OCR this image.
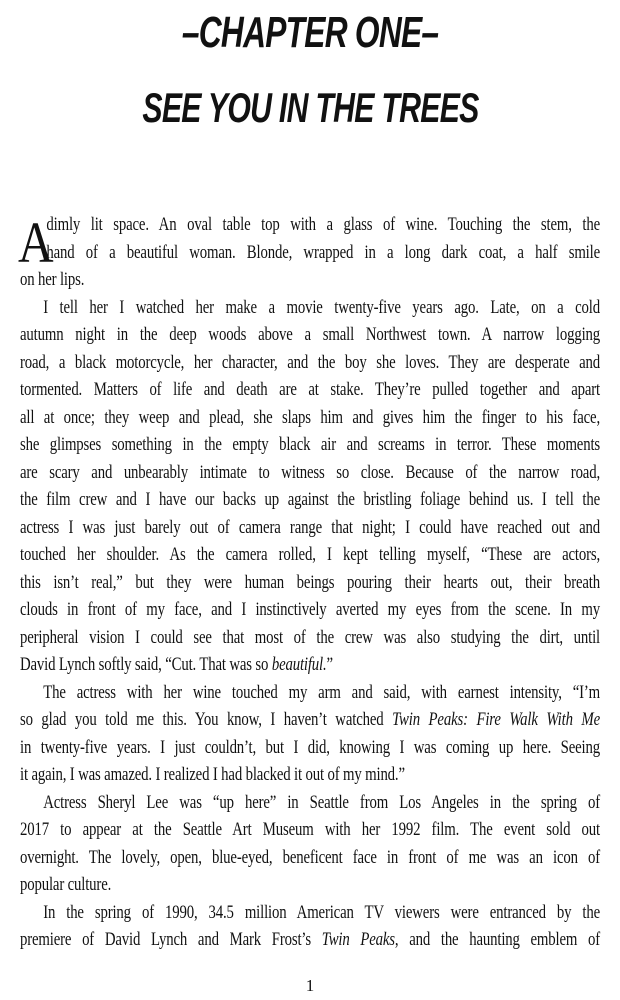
–CHAPTER ONE–
SEE YOU IN THE TREES
A
dimly lit space. An oval table top with a glass of wine. Touching the stem, the
hand of a beautiful woman. Blonde, wrapped in a long dark coat, a half smile
on her lips.
I tell her I watched her make a movie twenty-five years ago. Late, on a cold
autumn night in the deep woods above a small Northwest town. A narrow logging
road, a black motorcycle, her character, and the boy she loves. They are desperate and
tormented. Matters of life and death are at stake. They’re pulled together and apart
all at once; they weep and plead, she slaps him and gives him the finger to his face,
she glimpses something in the empty black air and screams in terror. These moments
are scary and unbearably intimate to witness so close. Because of the narrow road,
the film crew and I have our backs up against the bristling foliage behind us. I tell the
actress I was just barely out of camera range that night; I could have reached out and
touched her shoulder. As the camera rolled, I kept telling myself, “These are actors,
this isn’t real,” but they were human beings pouring their hearts out, their breath
clouds in front of my face, and I instinctively averted my eyes from the scene. In my
peripheral vision I could see that most of the crew was also studying the dirt, until
David Lynch softly said, “Cut. That was so beautiful.”
The actress with her wine touched my arm and said, with earnest intensity, “I’m
so glad you told me this. You know, I haven’t watched Twin Peaks: Fire Walk With Me
in twenty-five years. I just couldn’t, but I did, knowing I was coming up here. Seeing
it again, I was amazed. I realized I had blacked it out of my mind.”
Actress Sheryl Lee was “up here” in Seattle from Los Angeles in the spring of
2017 to appear at the Seattle Art Museum with her 1992 film. The event sold out
overnight. The lovely, open, blue-eyed, beneficent face in front of me was an icon of
popular culture.
In the spring of 1990, 34.5 million American TV viewers were entranced by the
premiere of David Lynch and Mark Frost’s Twin Peaks, and the haunting emblem of
1
